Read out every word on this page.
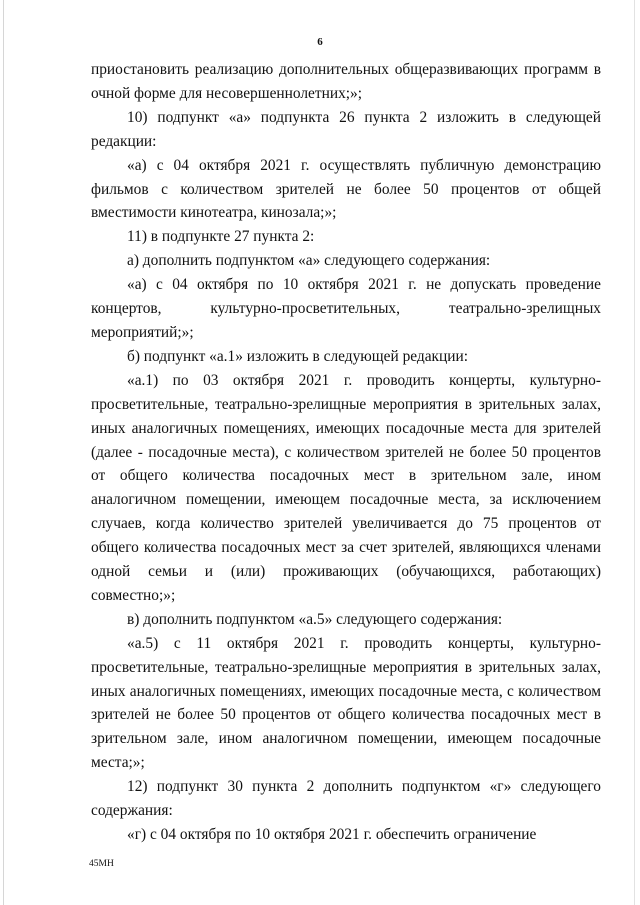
6

приостановить реализацию дополнительных общеразвивающих программ в очной форме для несовершеннолетних;»;

10) подпункт «а» подпункта 26 пункта 2 изложить в следующей редакции:

«а) с 04 октября 2021 г. осуществлять публичную демонстрацию фильмов с количеством зрителей не более 50 процентов от общей вместимости кинотеатра, кинозала;»;

11) в подпункте 27 пункта 2:

а) дополнить подпунктом «а» следующего содержания:

«а) с 04 октября по 10 октября 2021 г. не допускать проведение концертов, культурно-просветительных, театрально-зрелищных мероприятий;»;

б) подпункт «а.1» изложить в следующей редакции:

«а.1) по 03 октября 2021 г. проводить концерты, культурно-просветительные, театрально-зрелищные мероприятия в зрительных залах, иных аналогичных помещениях, имеющих посадочные места для зрителей (далее - посадочные места), с количеством зрителей не более 50 процентов от общего количества посадочных мест в зрительном зале, ином аналогичном помещении, имеющем посадочные места, за исключением случаев, когда количество зрителей увеличивается до 75 процентов от общего количества посадочных мест за счет зрителей, являющихся членами одной семьи и (или) проживающих (обучающихся, работающих) совместно;»;

в) дополнить подпунктом «а.5» следующего содержания:

«а.5) с 11 октября 2021 г. проводить концерты, культурно-просветительные, театрально-зрелищные мероприятия в зрительных залах, иных аналогичных помещениях, имеющих посадочные места, с количеством зрителей не более 50 процентов от общего количества посадочных мест в зрительном зале, ином аналогичном помещении, имеющем посадочные места;»;

12) подпункт 30 пункта 2 дополнить подпунктом «г» следующего содержания:

«г) с 04 октября по 10 октября 2021 г. обеспечить ограничение

45МН
